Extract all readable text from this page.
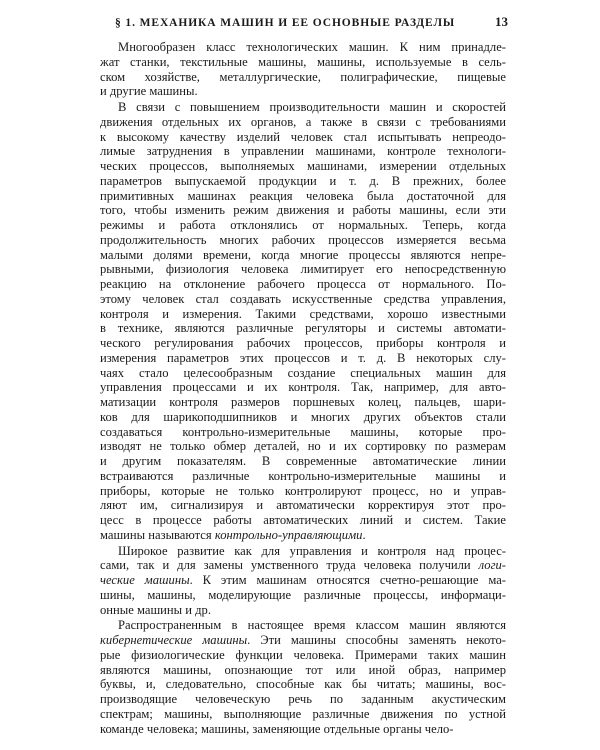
§ 1. МЕХАНИКА МАШИН И ЕЕ ОСНОВНЫЕ РАЗДЕЛЫ	13
Многообразен класс технологических машин. К ним принадле-
жат станки, текстильные машины, машины, используемые в сель-
ском хозяйстве, металлургические, полиграфические, пищевые
и другие машины.
В связи с повышением производительности машин и скоростей
движения отдельных их органов, а также в связи с требованиями
к высокому качеству изделий человек стал испытывать непреодо-
лимые затруднения в управлении машинами, контроле технологи-
ческих процессов, выполняемых машинами, измерении отдельных
параметров выпускаемой продукции и т. д. В прежних, более
примитивных машинах реакция человека была достаточной для
того, чтобы изменить режим движения и работы машины, если эти
режимы и работа отклонялись от нормальных. Теперь, когда
продолжительность многих рабочих процессов измеряется весьма
малыми долями времени, когда многие процессы являются непре-
рывными, физиология человека лимитирует его непосредственную
реакцию на отклонение рабочего процесса от нормального. По-
этому человек стал создавать искусственные средства управления,
контроля и измерения. Такими средствами, хорошо известными
в технике, являются различные регуляторы и системы автомати-
ческого регулирования рабочих процессов, приборы контроля и
измерения параметров этих процессов и т. д. В некоторых слу-
чаях стало целесообразным создание специальных машин для
управления процессами и их контроля. Так, например, для авто-
матизации контроля размеров поршневых колец, пальцев, шари-
ков для шарикоподшипников и многих других объектов стали
создаваться контрольно-измерительные машины, которые про-
изводят не только обмер деталей, но и их сортировку по размерам
и другим показателям. В современные автоматические линии
встраиваются различные контрольно-измерительные машины и
приборы, которые не только контролируют процесс, но и управ-
ляют им, сигнализируя и автоматически корректируя этот про-
цесс в процессе работы автоматических линий и систем. Такие
машины называются контрольно-управляющими.
Широкое развитие как для управления и контроля над процес-
сами, так и для замены умственного труда человека получили логи-
ческие машины. К этим машинам относятся счетно-решающие ма-
шины, машины, моделирующие различные процессы, информаци-
онные машины и др.
Распространенным в настоящее время классом машин являются
кибернетические машины. Эти машины способны заменять некото-
рые физиологические функции человека. Примерами таких машин
являются машины, опознающие тот или иной образ, например
буквы, и, следовательно, способные как бы читать; машины, вос-
производящие человеческую речь по заданным акустическим
спектрам; машины, выполняющие различные движения по устной
команде человека; машины, заменяющие отдельные органы чело-
